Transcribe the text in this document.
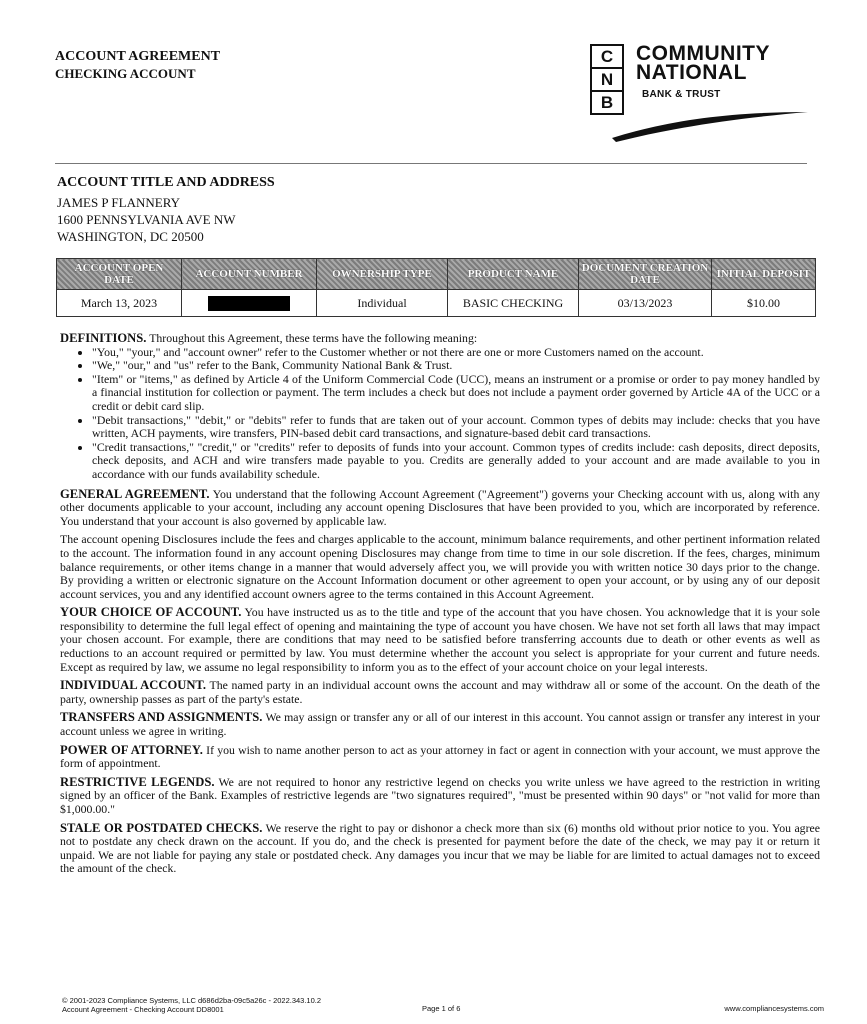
ACCOUNT AGREEMENT
CHECKING ACCOUNT
C
N
B
COMMUNITY
NATIONAL
BANK & TRUST
ACCOUNT TITLE AND ADDRESS
JAMES P FLANNERY
1600 PENNSYLVANIA AVE NW
WASHINGTON, DC 20500
ACCOUNT OPEN DATE	ACCOUNT NUMBER	OWNERSHIP TYPE	PRODUCT NAME	DOCUMENT CREATION DATE	INITIAL DEPOSIT
March 13, 2023		Individual	BASIC CHECKING	03/13/2023	$10.00

DEFINITIONS. Throughout this Agreement, these terms have the following meaning:

• "You," "your," and "account owner" refer to the Customer whether or not there are one or more Customers named on the account.
• "We," "our," and "us" refer to the Bank, Community National Bank & Trust.
• "Item" or "items," as defined by Article 4 of the Uniform Commercial Code (UCC), means an instrument or a promise or order to pay money handled by a financial institution for collection or payment. The term includes a check but does not include a payment order governed by Article 4A of the UCC or a credit or debit card slip.
• "Debit transactions," "debit," or "debits" refer to funds that are taken out of your account. Common types of debits may include: checks that you have written, ACH payments, wire transfers, PIN-based debit card transactions, and signature-based debit card transactions.
• "Credit transactions," "credit," or "credits" refer to deposits of funds into your account. Common types of credits include: cash deposits, direct deposits, check deposits, and ACH and wire transfers made payable to you. Credits are generally added to your account and are made available to you in accordance with our funds availability schedule.

GENERAL AGREEMENT. You understand that the following Account Agreement ("Agreement") governs your Checking account with us, along with any other documents applicable to your account, including any account opening Disclosures that have been provided to you, which are incorporated by reference. You understand that your account is also governed by applicable law.

The account opening Disclosures include the fees and charges applicable to the account, minimum balance requirements, and other pertinent information related to the account. The information found in any account opening Disclosures may change from time to time in our sole discretion. If the fees, charges, minimum balance requirements, or other items change in a manner that would adversely affect you, we will provide you with written notice 30 days prior to the change. By providing a written or electronic signature on the Account Information document or other agreement to open your account, or by using any of our deposit account services, you and any identified account owners agree to the terms contained in this Account Agreement.

YOUR CHOICE OF ACCOUNT. You have instructed us as to the title and type of the account that you have chosen. You acknowledge that it is your sole responsibility to determine the full legal effect of opening and maintaining the type of account you have chosen. We have not set forth all laws that may impact your chosen account. For example, there are conditions that may need to be satisfied before transferring accounts due to death or other events as well as reductions to an account required or permitted by law. You must determine whether the account you select is appropriate for your current and future needs. Except as required by law, we assume no legal responsibility to inform you as to the effect of your account choice on your legal interests.

INDIVIDUAL ACCOUNT. The named party in an individual account owns the account and may withdraw all or some of the account. On the death of the party, ownership passes as part of the party's estate.

TRANSFERS AND ASSIGNMENTS. We may assign or transfer any or all of our interest in this account. You cannot assign or transfer any interest in your account unless we agree in writing.

POWER OF ATTORNEY. If you wish to name another person to act as your attorney in fact or agent in connection with your account, we must approve the form of appointment.

RESTRICTIVE LEGENDS. We are not required to honor any restrictive legend on checks you write unless we have agreed to the restriction in writing signed by an officer of the Bank. Examples of restrictive legends are "two signatures required", "must be presented within 90 days" or "not valid for more than $1,000.00."

STALE OR POSTDATED CHECKS. We reserve the right to pay or dishonor a check more than six (6) months old without prior notice to you. You agree not to postdate any check drawn on the account. If you do, and the check is presented for payment before the date of the check, we may pay it or return it unpaid. We are not liable for paying any stale or postdated check. Any damages you incur that we may be liable for are limited to actual damages not to exceed the amount of the check.

© 2001-2023 Compliance Systems, LLC d686d2ba-09c5a26c - 2022.343.10.2
Account Agreement - Checking Account DD8001	Page 1 of 6	www.compliancesystems.com
